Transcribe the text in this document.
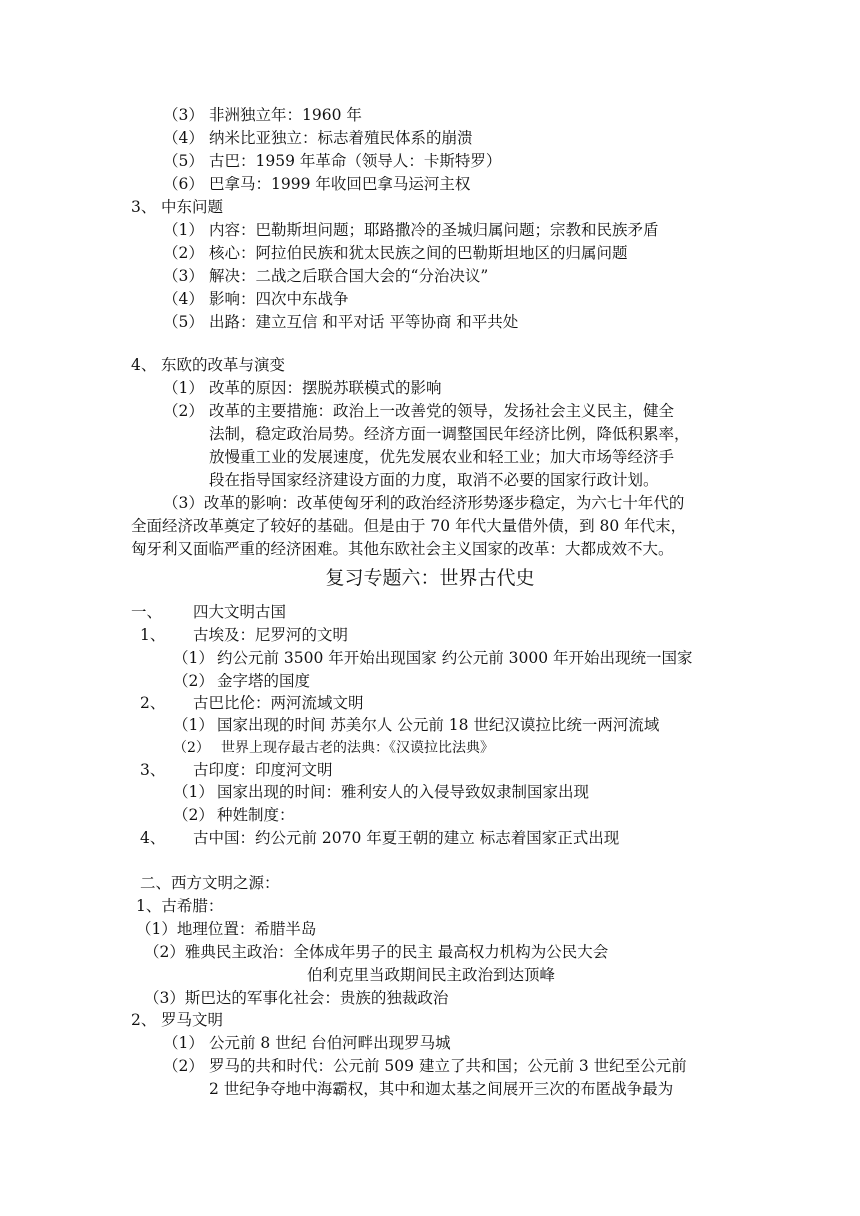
（3） 非洲独立年：1960 年
（4） 纳米比亚独立：标志着殖民体系的崩溃
（5） 古巴：1959 年革命（领导人：卡斯特罗）
（6） 巴拿马：1999 年收回巴拿马运河主权
3、 中东问题
（1） 内容：巴勒斯坦问题；耶路撒冷的圣城归属问题；宗教和民族矛盾
（2） 核心：阿拉伯民族和犹太民族之间的巴勒斯坦地区的归属问题
（3） 解决：二战之后联合国大会的“分治决议”
（4） 影响：四次中东战争
（5） 出路：建立互信 和平对话 平等协商 和平共处
4、 东欧的改革与演变
（1） 改革的原因：摆脱苏联模式的影响
（2） 改革的主要措施：政治上一改善党的领导，发扬社会主义民主，健全
法制，稳定政治局势。经济方面一调整国民年经济比例，降低积累率，
放慢重工业的发展速度，优先发展农业和轻工业；加大市场等经济手
段在指导国家经济建设方面的力度，取消不必要的国家行政计划。
（3）改革的影响：改革使匈牙利的政治经济形势逐步稳定，为六七十年代的
全面经济改革奠定了较好的基础。但是由于 70 年代大量借外债，到 80 年代末，
匈牙利又面临严重的经济困难。其他东欧社会主义国家的改革：大都成效不大。
复习专题六：世界古代史
一、 四大文明古国
1、 古埃及：尼罗河的文明
（1） 约公元前 3500 年开始出现国家 约公元前 3000 年开始出现统一国家
（2） 金字塔的国度
2、 古巴比伦：两河流域文明
（1） 国家出现的时间 苏美尔人 公元前 18 世纪汉谟拉比统一两河流域
（2） 世界上现存最古老的法典：《汉谟拉比法典》
3、 古印度：印度河文明
（1） 国家出现的时间：雅利安人的入侵导致奴隶制国家出现
（2） 种姓制度：
4、 古中国：约公元前 2070 年夏王朝的建立 标志着国家正式出现
二、西方文明之源：
1、古希腊：
（1）地理位置：希腊半岛
（2）雅典民主政治：全体成年男子的民主 最高权力机构为公民大会
伯利克里当政期间民主政治到达顶峰
（3）斯巴达的军事化社会：贵族的独裁政治
2、 罗马文明
（1） 公元前 8 世纪 台伯河畔出现罗马城
（2） 罗马的共和时代：公元前 509 建立了共和国；公元前 3 世纪至公元前
2 世纪争夺地中海霸权，其中和迦太基之间展开三次的布匿战争最为
